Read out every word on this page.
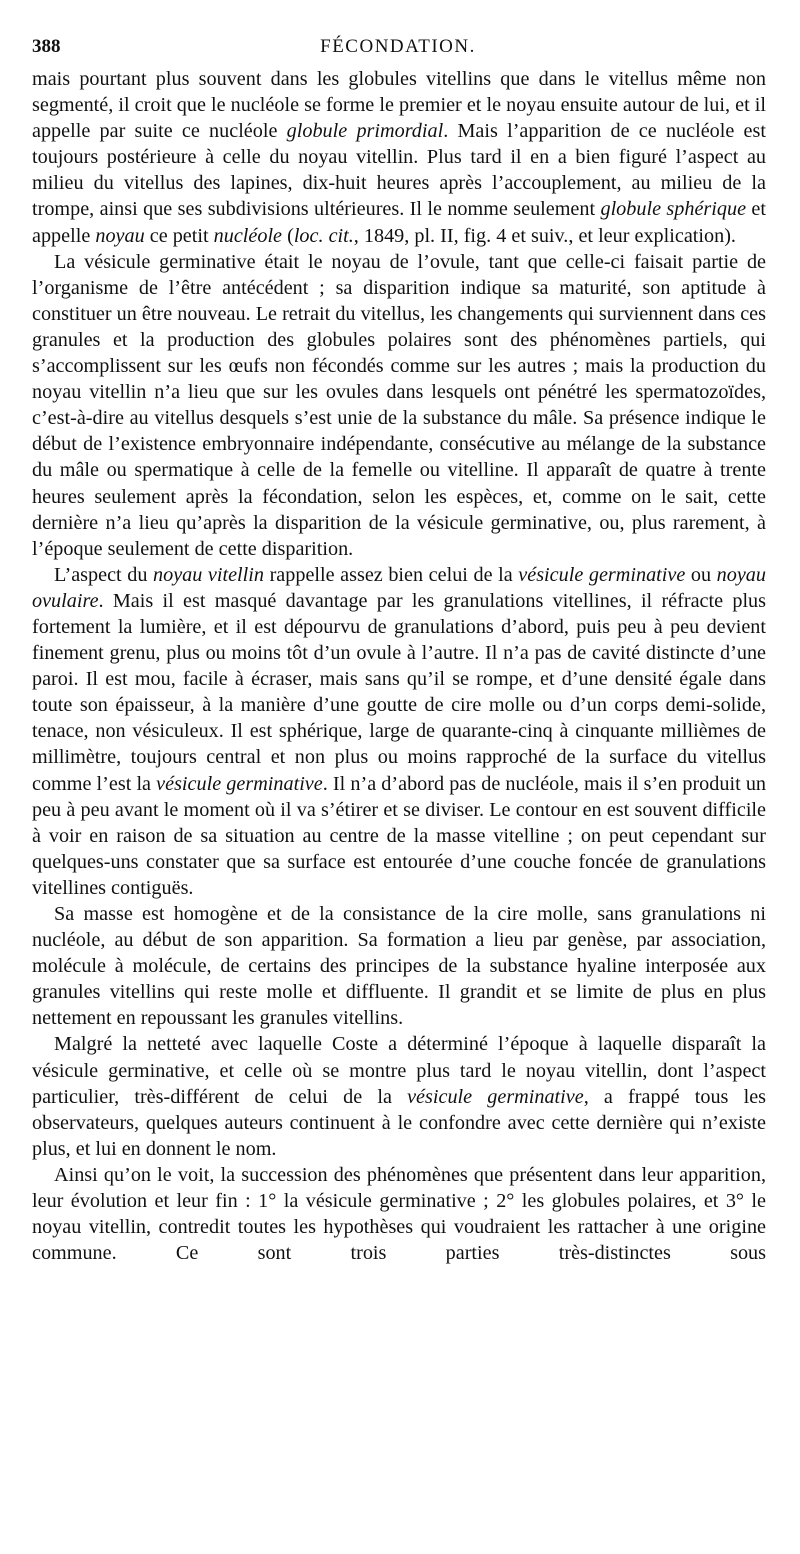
388	FÉCONDATION.

mais pourtant plus souvent dans les globules vitellins que dans le vitellus même non segmenté, il croit que le nucléole se forme le premier et le noyau ensuite autour de lui, et il appelle par suite ce nucléole globule primordial. Mais l’apparition de ce nucléole est toujours postérieure à celle du noyau vitellin. Plus tard il en a bien figuré l’aspect au milieu du vitellus des lapines, dix-huit heures après l’accouplement, au milieu de la trompe, ainsi que ses subdivisions ultérieures. Il le nomme seulement globule sphérique et appelle noyau ce petit nucléole (loc. cit., 1849, pl. II, fig. 4 et suiv., et leur explication).

La vésicule germinative était le noyau de l’ovule, tant que celle-ci faisait partie de l’organisme de l’être antécédent ; sa disparition indique sa maturité, son aptitude à constituer un être nouveau. Le retrait du vitellus, les changements qui surviennent dans ces granules et la production des globules polaires sont des phénomènes partiels, qui s’accomplissent sur les œufs non fécondés comme sur les autres ; mais la production du noyau vitellin n’a lieu que sur les ovules dans lesquels ont pénétré les spermatozoïdes, c’est-à-dire au vitellus desquels s’est unie de la substance du mâle. Sa présence indique le début de l’existence embryonnaire indépendante, consécutive au mélange de la substance du mâle ou spermatique à celle de la femelle ou vitelline. Il apparaît de quatre à trente heures seulement après la fécondation, selon les espèces, et, comme on le sait, cette dernière n’a lieu qu’après la disparition de la vésicule germinative, ou, plus rarement, à l’époque seulement de cette disparition.

L’aspect du noyau vitellin rappelle assez bien celui de la vésicule germinative ou noyau ovulaire. Mais il est masqué davantage par les granulations vitellines, il réfracte plus fortement la lumière, et il est dépourvu de granulations d’abord, puis peu à peu devient finement grenu, plus ou moins tôt d’un ovule à l’autre. Il n’a pas de cavité distincte d’une paroi. Il est mou, facile à écraser, mais sans qu’il se rompe, et d’une densité égale dans toute son épaisseur, à la manière d’une goutte de cire molle ou d’un corps demi-solide, tenace, non vésiculeux. Il est sphérique, large de quarante-cinq à cinquante millièmes de millimètre, toujours central et non plus ou moins rapproché de la surface du vitellus comme l’est la vésicule germinative. Il n’a d’abord pas de nucléole, mais il s’en produit un peu à peu avant le moment où il va s’étirer et se diviser. Le contour en est souvent difficile à voir en raison de sa situation au centre de la masse vitelline ; on peut cependant sur quelques-uns constater que sa surface est entourée d’une couche foncée de granulations vitellines contiguës.

Sa masse est homogène et de la consistance de la cire molle, sans granulations ni nucléole, au début de son apparition. Sa formation a lieu par genèse, par association, molécule à molécule, de certains des principes de la substance hyaline interposée aux granules vitellins qui reste molle et diffluente. Il grandit et se limite de plus en plus nettement en repoussant les granules vitellins.

Malgré la netteté avec laquelle Coste a déterminé l’époque à laquelle disparaît la vésicule germinative, et celle où se montre plus tard le noyau vitellin, dont l’aspect particulier, très-différent de celui de la vésicule germinative, a frappé tous les observateurs, quelques auteurs continuent à le confondre avec cette dernière qui n’existe plus, et lui en donnent le nom.

Ainsi qu’on le voit, la succession des phénomènes que présentent dans leur apparition, leur évolution et leur fin : 1° la vésicule germinative ; 2° les globules polaires, et 3° le noyau vitellin, contredit toutes les hypothèses qui voudraient les rattacher à une origine commune. Ce sont trois parties très-distinctes sous
